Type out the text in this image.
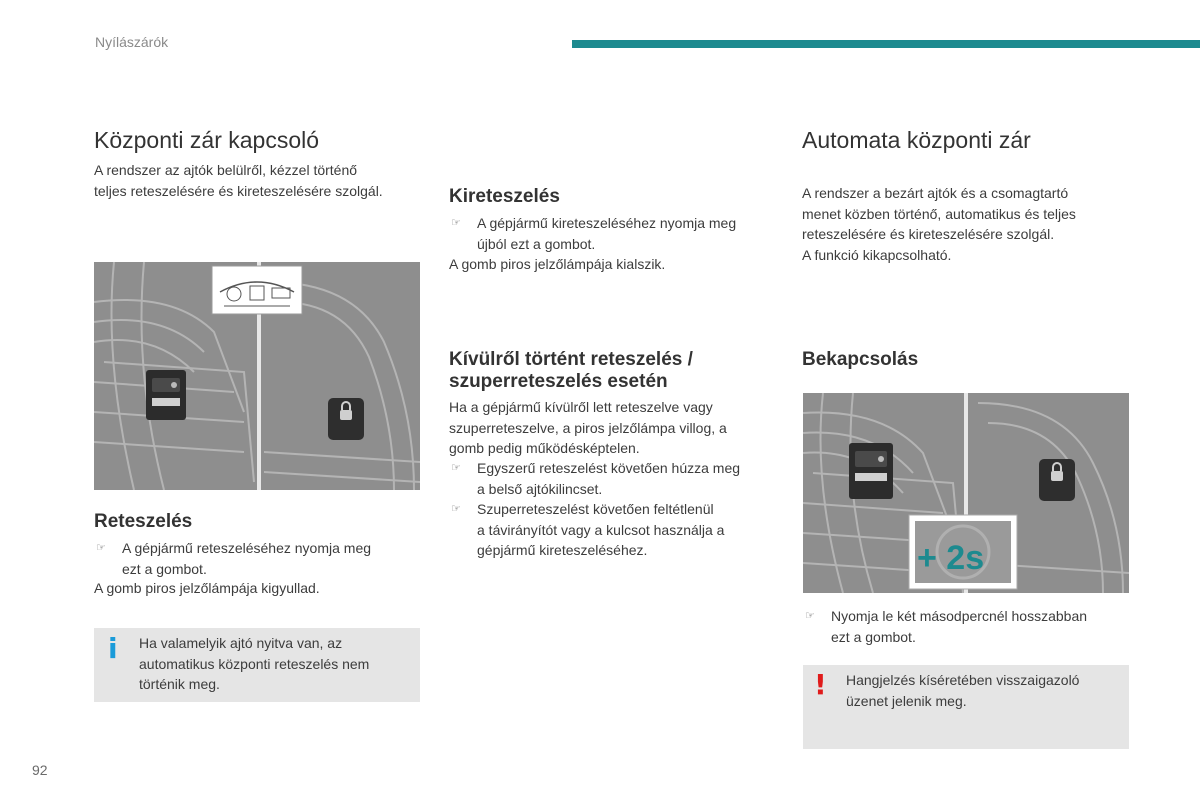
Nyílászárók
Központi zár kapcsoló
A rendszer az ajtók belülről, kézzel történő
teljes reteszelésére és kireteszelésére szolgál.
Reteszelés
☞	A gépjármű reteszeléséhez nyomja meg
ezt a gombot.
A gomb piros jelzőlámpája kigyullad.
i Ha valamelyik ajtó nyitva van, az
automatikus központi reteszelés nem
történik meg.
Kireteszelés
☞	A gépjármű kireteszeléséhez nyomja meg
újból ezt a gombot.
A gomb piros jelzőlámpája kialszik.
Kívülről történt reteszelés /
szuperreteszelés esetén
Ha a gépjármű kívülről lett reteszelve vagy
szuperreteszelve, a piros jelzőlámpa villog, a
gomb pedig működésképtelen.
☞	Egyszerű reteszelést követően húzza meg
a belső ajtókilincset.
☞	Szuperreteszelést követően feltétlenül
a távirányítót vagy a kulcsot használja a
gépjármű kireteszeléséhez.
Automata központi zár
A rendszer a bezárt ajtók és a csomagtartó
menet közben történő, automatikus és teljes
reteszelésére és kireteszelésére szolgál.
A funkció kikapcsolható.
Bekapcsolás
+ 2s
☞	Nyomja le két másodpercnél hosszabban
ezt a gombot.
! Hangjelzés kíséretében visszaigazoló
üzenet jelenik meg.
92
